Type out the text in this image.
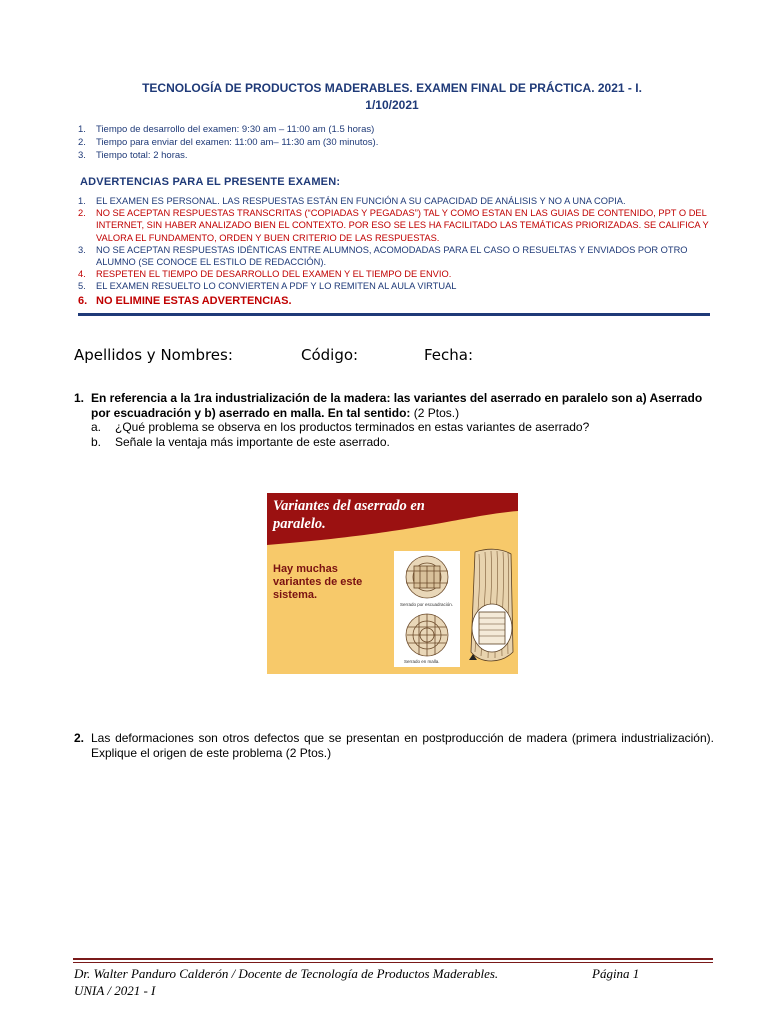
TECNOLOGÍA DE PRODUCTOS MADERABLES. EXAMEN FINAL DE PRÁCTICA. 2021 - I.
1/10/2021
1.	Tiempo de desarrollo del examen: 9:30 am – 11:00 am (1.5 horas)
2.	Tiempo para enviar del examen: 11:00 am– 11:30 am (30 minutos).
3.	Tiempo total: 2 horas.
ADVERTENCIAS PARA EL PRESENTE EXAMEN:
1.	EL EXAMEN ES PERSONAL. LAS RESPUESTAS ESTÁN EN FUNCIÓN A SU CAPACIDAD DE ANÁLISIS Y NO A UNA COPIA.
2.	NO SE ACEPTAN RESPUESTAS TRANSCRITAS (“COPIADAS Y PEGADAS”) TAL Y COMO ESTAN EN LAS GUIAS DE CONTENIDO, PPT O DEL INTERNET, SIN HABER ANALIZADO BIEN EL CONTEXTO. POR ESO SE LES HA FACILITADO LAS TEMÁTICAS PRIORIZADAS. SE CALIFICA Y VALORA EL FUNDAMENTO, ORDEN Y BUEN CRITERIO DE LAS RESPUESTAS.
3.	NO SE ACEPTAN RESPUESTAS IDÉNTICAS ENTRE ALUMNOS, ACOMODADAS PARA EL CASO O RESUELTAS Y ENVIADOS POR OTRO ALUMNO (SE CONOCE EL ESTILO DE REDACCIÓN).
4.	RESPETEN EL TIEMPO DE DESARROLLO DEL EXAMEN Y EL TIEMPO DE ENVIO.
5.	EL EXAMEN RESUELTO LO CONVIERTEN A PDF Y LO REMITEN AL AULA VIRTUAL
6. NO ELIMINE ESTAS ADVERTENCIAS.
Apellidos y Nombres:	Código:	Fecha:
1. En referencia a la 1ra industrialización de la madera: las variantes del aserrado en paralelo son a) Aserrado por escuadración y b) aserrado en malla. En tal sentido: (2 Ptos.)
a.	¿Qué problema se observa en los productos terminados en estas variantes de aserrado?
b.	Señale la ventaja más importante de este aserrado.
Variantes del aserrado en paralelo.
Hay muchas variantes de este sistema.
Serrado por escuadración.
Serrado en malla.
2. Las deformaciones son otros defectos que se presentan en postproducción de madera (primera industrialización). Explique el origen de este problema (2 Ptos.)
Dr. Walter Panduro Calderón / Docente de Tecnología de Productos Maderables.	Página 1
UNIA / 2021 - I
